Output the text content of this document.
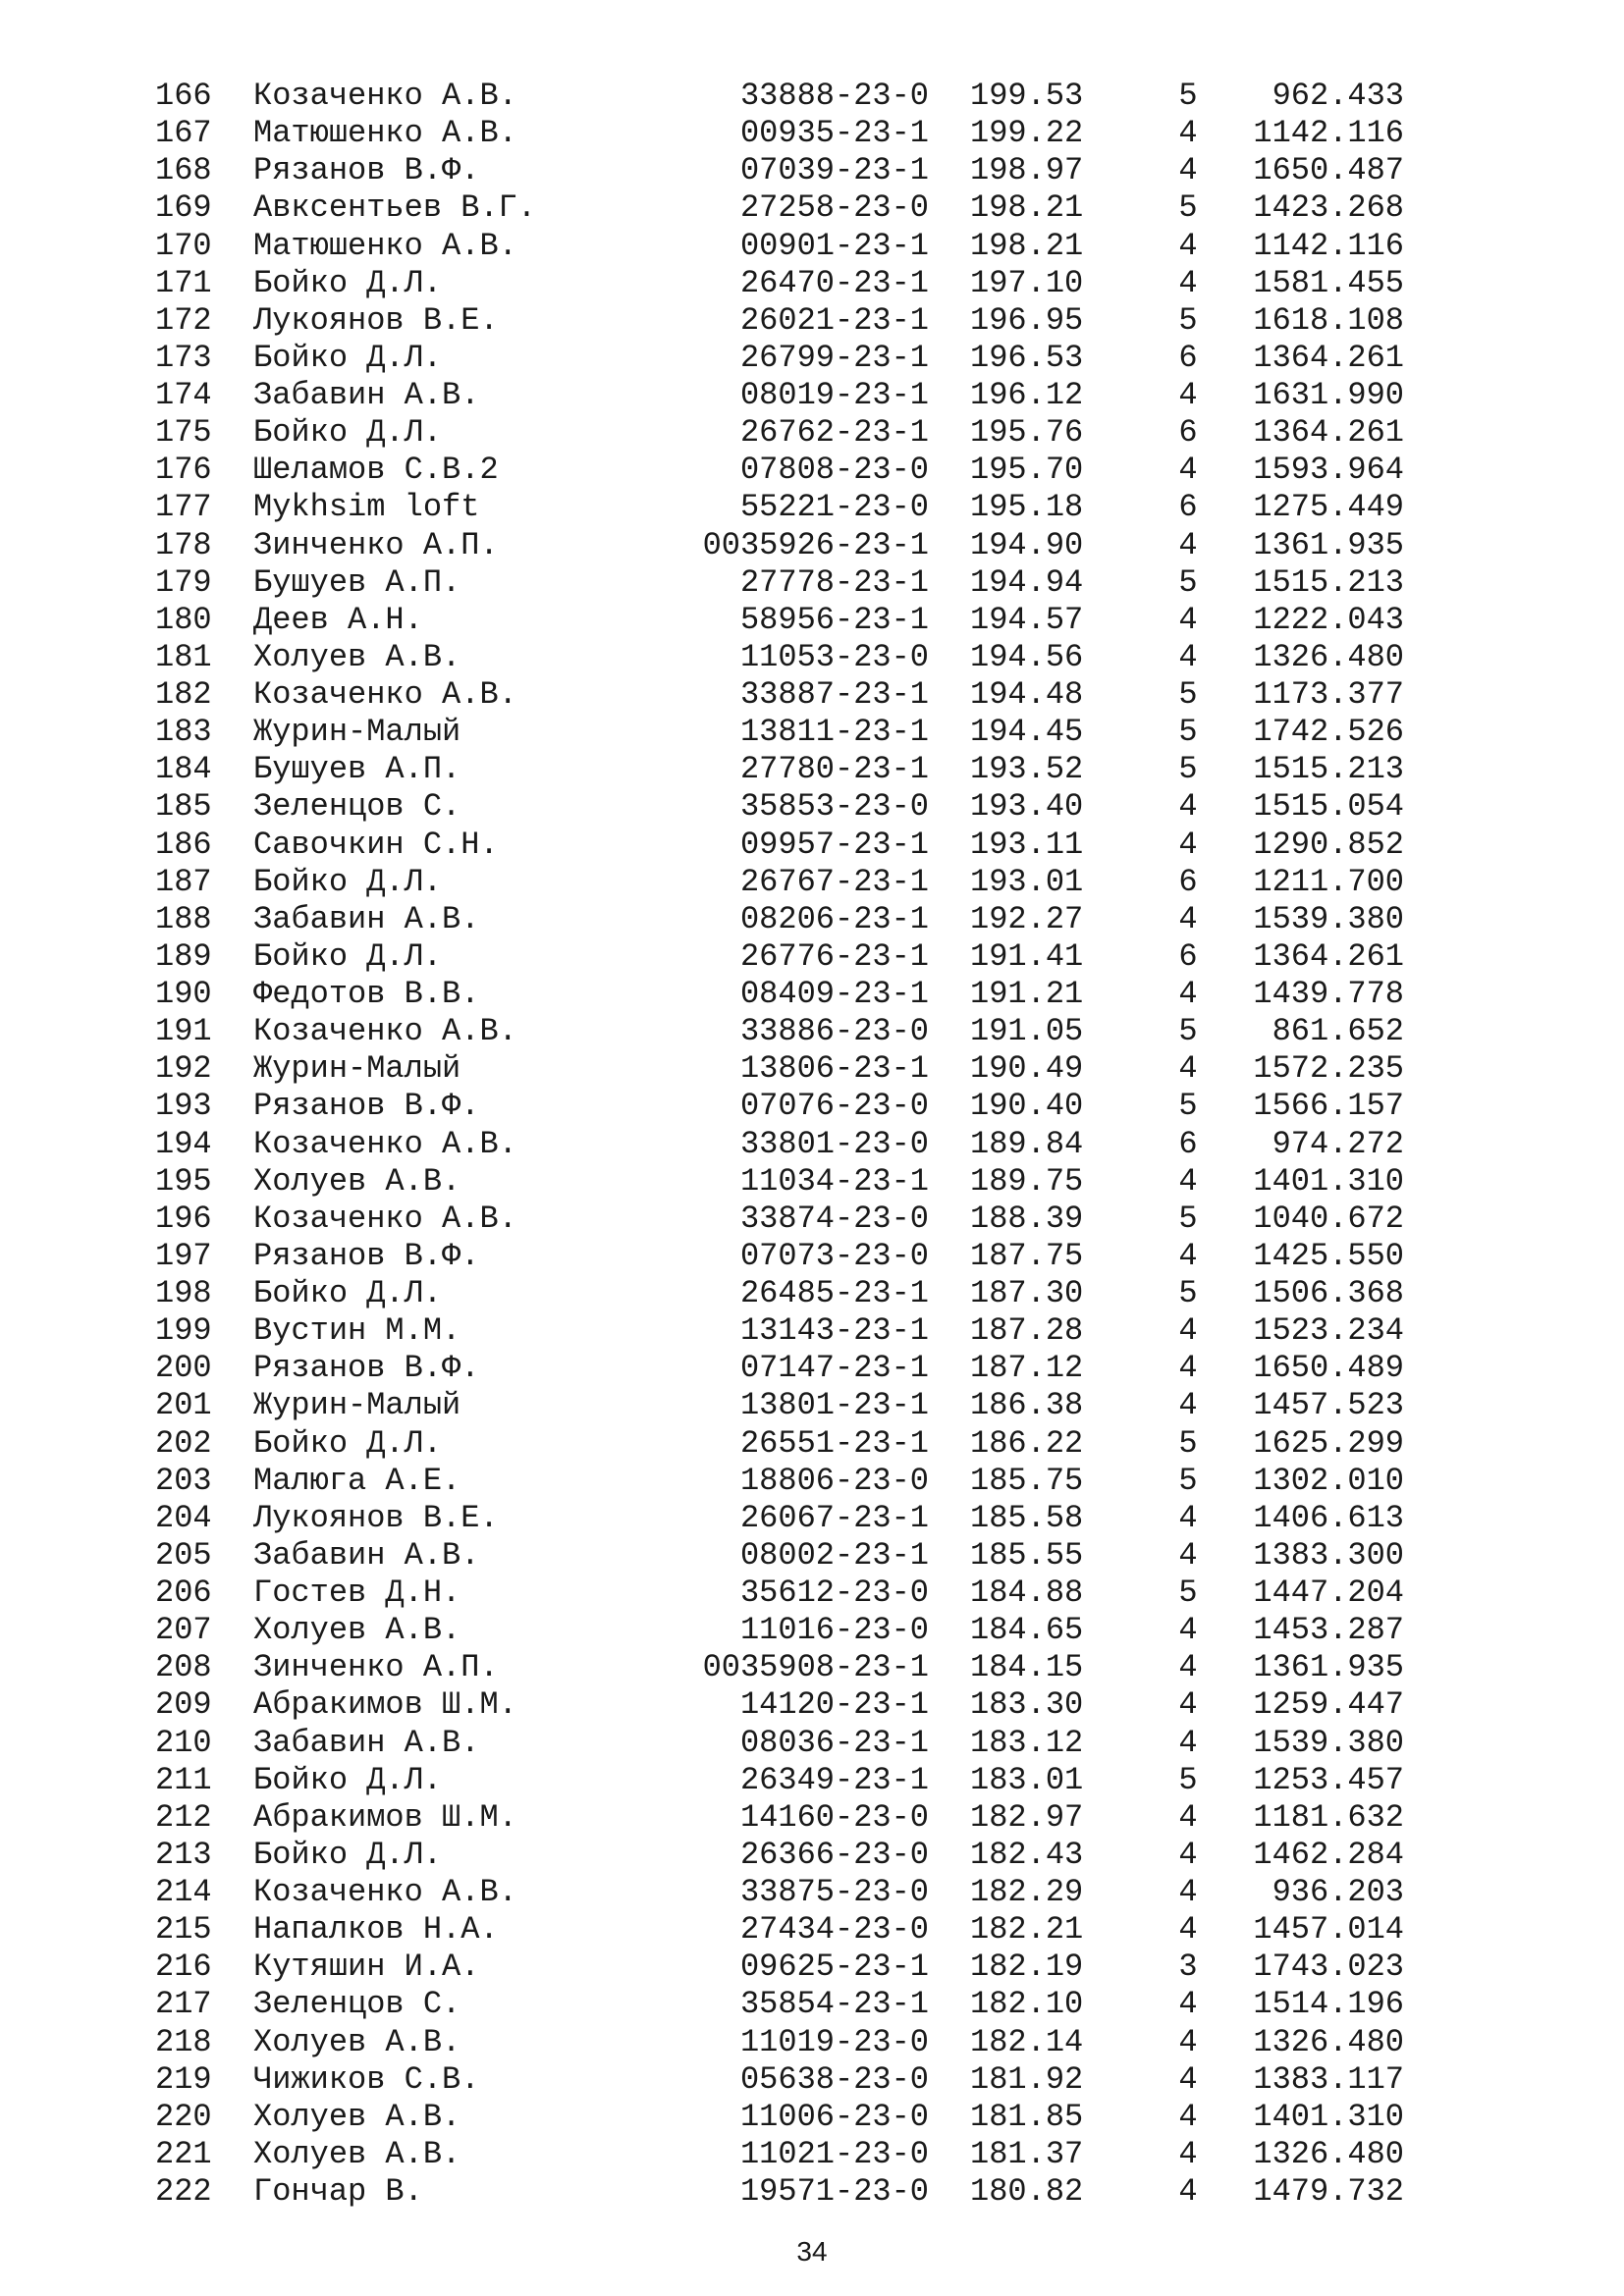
166 Козаченко А.В.	33888-23-0 199.53	5	962.433
167 Матюшенко А.В.	00935-23-1 199.22	4	1142.116
168 Рязанов В.Ф.	07039-23-1 198.97	4	1650.487
169 Авксентьев В.Г.	27258-23-0 198.21	5	1423.268
170 Матюшенко А.В.	00901-23-1 198.21	4	1142.116
171 Бойко Д.Л.	26470-23-1 197.10	4	1581.455
172 Лукоянов В.Е.	26021-23-1 196.95	5	1618.108
173 Бойко Д.Л.	26799-23-1 196.53	6	1364.261
174 Забавин А.В.	08019-23-1 196.12	4	1631.990
175 Бойко Д.Л.	26762-23-1 195.76	6	1364.261
176 Шеламов С.В.2	07808-23-0 195.70	4	1593.964
177 Mykhsim loft	55221-23-0 195.18	6	1275.449
178 Зинченко А.П.	0035926-23-1 194.90	4	1361.935
179 Бушуев А.П.	27778-23-1 194.94	5	1515.213
180 Деев А.Н.	58956-23-1 194.57	4	1222.043
181 Холуев А.В.	11053-23-0 194.56	4	1326.480
182 Козаченко А.В.	33887-23-1 194.48	5	1173.377
183 Журин-Малый	13811-23-1 194.45	5	1742.526
184 Бушуев А.П.	27780-23-1 193.52	5	1515.213
185 Зеленцов С.	35853-23-0 193.40	4	1515.054
186 Савочкин С.Н.	09957-23-1 193.11	4	1290.852
187 Бойко Д.Л.	26767-23-1 193.01	6	1211.700
188 Забавин А.В.	08206-23-1 192.27	4	1539.380
189 Бойко Д.Л.	26776-23-1 191.41	6	1364.261
190 Федотов В.В.	08409-23-1 191.21	4	1439.778
191 Козаченко А.В.	33886-23-0 191.05	5	861.652
192 Журин-Малый	13806-23-1 190.49	4	1572.235
193 Рязанов В.Ф.	07076-23-0 190.40	5	1566.157
194 Козаченко А.В.	33801-23-0 189.84	6	974.272
195 Холуев А.В.	11034-23-1 189.75	4	1401.310
196 Козаченко А.В.	33874-23-0 188.39	5	1040.672
197 Рязанов В.Ф.	07073-23-0 187.75	4	1425.550
198 Бойко Д.Л.	26485-23-1 187.30	5	1506.368
199 Вустин М.М.	13143-23-1 187.28	4	1523.234
200 Рязанов В.Ф.	07147-23-1 187.12	4	1650.489
201 Журин-Малый	13801-23-1 186.38	4	1457.523
202 Бойко Д.Л.	26551-23-1 186.22	5	1625.299
203 Малюга А.Е.	18806-23-0 185.75	5	1302.010
204 Лукоянов В.Е.	26067-23-1 185.58	4	1406.613
205 Забавин А.В.	08002-23-1 185.55	4	1383.300
206 Гостев Д.Н.	35612-23-0 184.88	5	1447.204
207 Холуев А.В.	11016-23-0 184.65	4	1453.287
208 Зинченко А.П.	0035908-23-1 184.15	4	1361.935
209 Абракимов Ш.М.	14120-23-1 183.30	4	1259.447
210 Забавин А.В.	08036-23-1 183.12	4	1539.380
211 Бойко Д.Л.	26349-23-1 183.01	5	1253.457
212 Абракимов Ш.М.	14160-23-0 182.97	4	1181.632
213 Бойко Д.Л.	26366-23-0 182.43	4	1462.284
214 Козаченко А.В.	33875-23-0 182.29	4	936.203
215 Напалков Н.А.	27434-23-0 182.21	4	1457.014
216 Кутяшин И.А.	09625-23-1 182.19	3	1743.023
217 Зеленцов С.	35854-23-1 182.10	4	1514.196
218 Холуев А.В.	11019-23-0 182.14	4	1326.480
219 Чижиков С.В.	05638-23-0 181.92	4	1383.117
220 Холуев А.В.	11006-23-0 181.85	4	1401.310
221 Холуев А.В.	11021-23-0 181.37	4	1326.480
222 Гончар В.	19571-23-0 180.82	4	1479.732
34
